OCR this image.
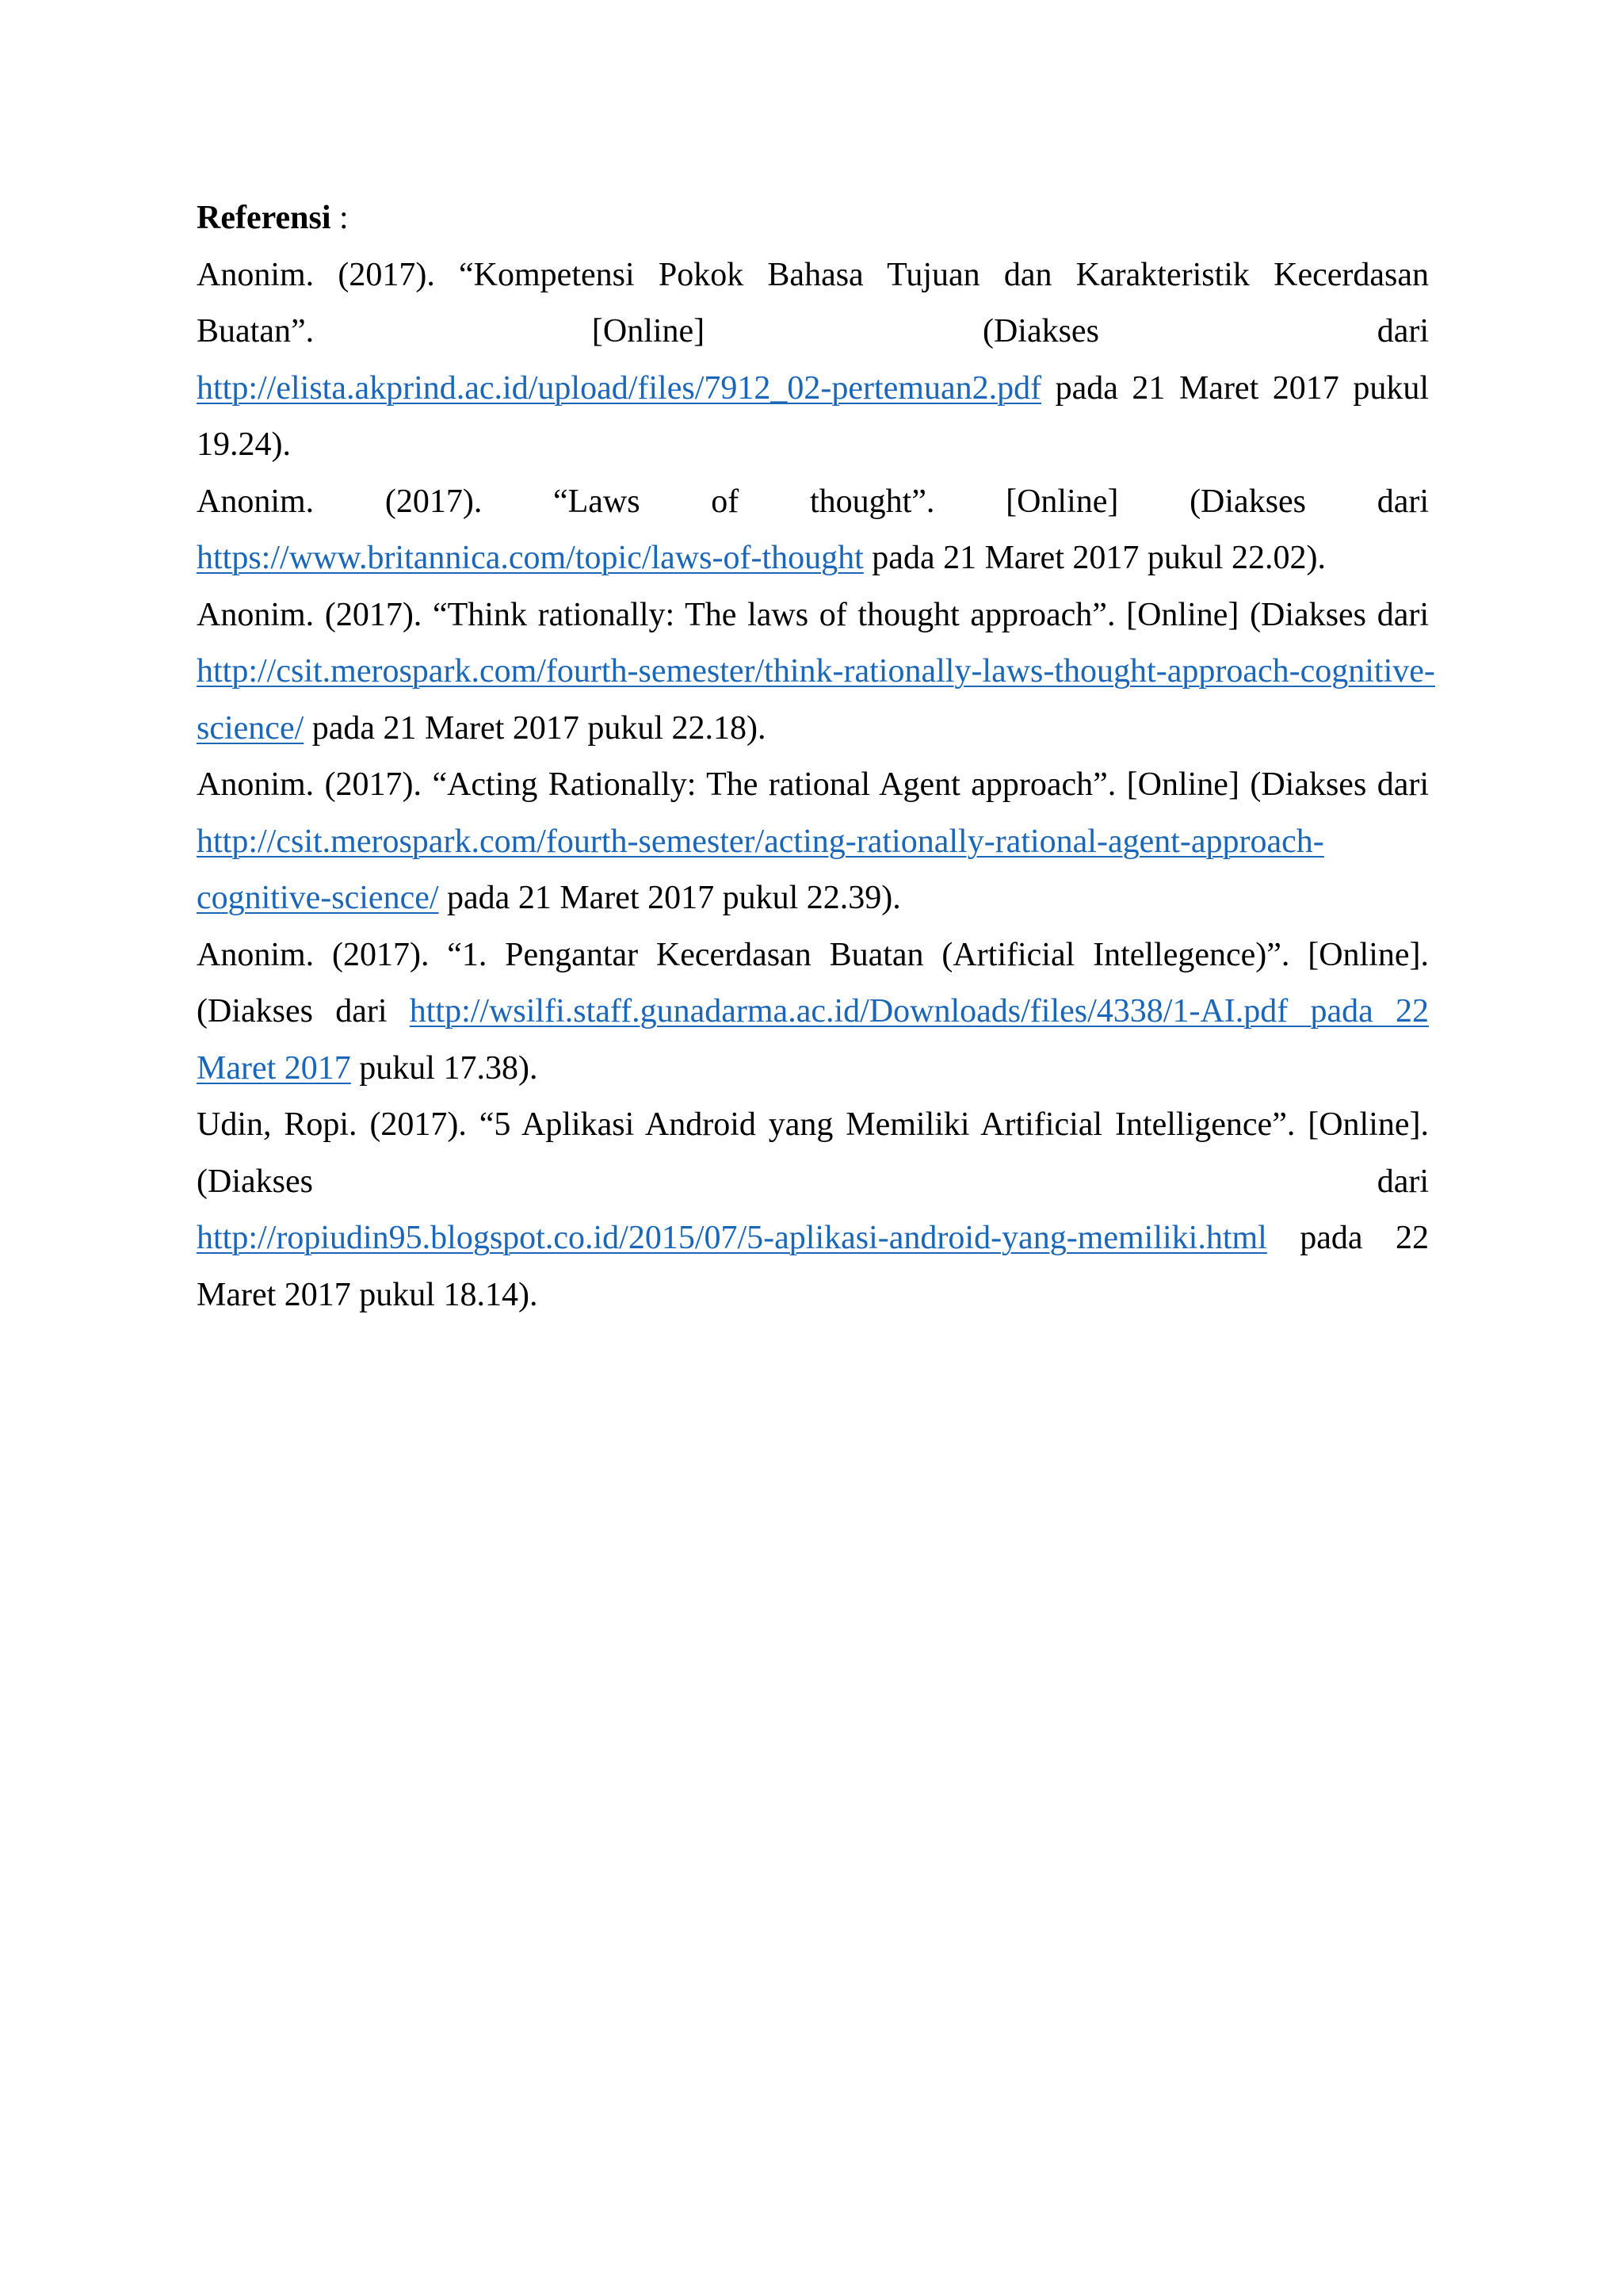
Referensi :

Anonim. (2017). “Kompetensi Pokok Bahasa Tujuan dan Karakteristik Kecerdasan Buatan”. [Online] (Diakses dari http://elista.akprind.ac.id/upload/files/7912_02-pertemuan2.pdf pada 21 Maret 2017 pukul 19.24).

Anonim. (2017). “Laws of thought”. [Online] (Diakses dari https://www.britannica.com/topic/laws-of-thought pada 21 Maret 2017 pukul 22.02).

Anonim. (2017). “Think rationally: The laws of thought approach”. [Online] (Diakses dari http://csit.merospark.com/fourth-semester/think-rationally-laws-thought-approach-cognitive-
science/ pada 21 Maret 2017 pukul 22.18).

Anonim. (2017). “Acting Rationally: The rational Agent approach”. [Online] (Diakses dari http://csit.merospark.com/fourth-semester/acting-rationally-rational-agent-approach-
cognitive-science/ pada 21 Maret 2017 pukul 22.39).

Anonim. (2017). “1. Pengantar Kecerdasan Buatan (Artificial Intellegence)”. [Online]. (Diakses dari http://wsilfi.staff.gunadarma.ac.id/Downloads/files/4338/1-AI.pdf pada 22 Maret 2017 pukul 17.38).

Udin, Ropi. (2017). “5 Aplikasi Android yang Memiliki Artificial Intelligence”. [Online]. (Diakses dari http://ropiudin95.blogspot.co.id/2015/07/5-aplikasi-android-yang-memiliki.html pada 22 Maret 2017 pukul 18.14).
